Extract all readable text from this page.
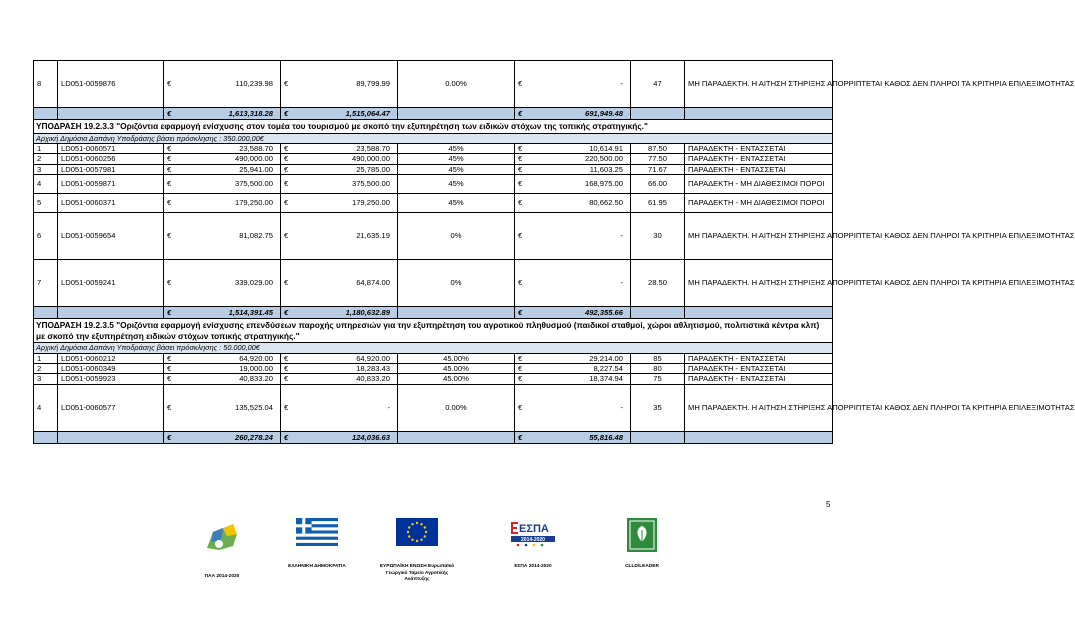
8	LD051-0059876	€ 110,239.98	€ 89,799.99	0.00%	€ -	47	ΜΗ ΠΑΡΑΔΕΚΤΗ. Η ΑΙΤΗΣΗ ΣΤΗΡΙΞΗΣ ΑΠΟΡΡΙΠΤΕΤΑΙ ΚΑΘΟΣ ΔΕΝ ΠΛΗΡΟΙ ΤΑ ΚΡΙΤΗΡΙΑ ΕΠΙΛΕΞΙΜΟΤΗΤΑΣ
		€ 1,613,318.28	€ 1,515,064.47		€ 691,949.48		

ΥΠΟΔΡΑΣΗ 19.2.3.3 "Οριζόντια εφαρμογή ενίσχυσης στον τομέα του τουρισμού με σκοπό την εξυπηρέτηση των ειδικών στόχων της τοπικής στρατηγικής."							
Αρχική Δημόσια Δαπάνη Υποδράσης βάσει πρόσκλησης : 350.000,00€							
1	LD051-0060571	€ 23,588.70	€ 23,588.70	45%	€ 10,614.91	87.50	ΠΑΡΑΔΕΚΤΗ - ΕΝΤΑΣΣΕΤΑΙ
2	LD051-0060256	€ 490,000.00	€ 490,000.00	45%	€ 220,500.00	77.50	ΠΑΡΑΔΕΚΤΗ - ΕΝΤΑΣΣΕΤΑΙ
3	LD051-0057981	€ 25,941.00	€ 25,785.00	45%	€ 11,603.25	71.67	ΠΑΡΑΔΕΚΤΗ - ΕΝΤΑΣΣΕΤΑΙ
4	LD051-0059871	€ 375,500.00	€ 375,500.00	45%	€ 168,975.00	66.00	ΠΑΡΑΔΕΚΤΗ - ΜΗ ΔΙΑΘΕΣΙΜΟΙ ΠΟΡΟΙ
5	LD051-0060371	€ 179,250.00	€ 179,250.00	45%	€ 80,662.50	61.95	ΠΑΡΑΔΕΚΤΗ - ΜΗ ΔΙΑΘΕΣΙΜΟΙ ΠΟΡΟΙ
6	LD051-0059654	€ 81,082.75	€ 21,635.19	0%	€ -	30	ΜΗ ΠΑΡΑΔΕΚΤΗ. Η ΑΙΤΗΣΗ ΣΤΗΡΙΞΗΣ ΑΠΟΡΡΙΠΤΕΤΑΙ ΚΑΘΟΣ ΔΕΝ ΠΛΗΡΟΙ ΤΑ ΚΡΙΤΗΡΙΑ ΕΠΙΛΕΞΙΜΟΤΗΤΑΣ
7	LD051-0059241	€ 339,029.00	€ 64,874.00	0%	€ -	28.50	ΜΗ ΠΑΡΑΔΕΚΤΗ. Η ΑΙΤΗΣΗ ΣΤΗΡΙΞΗΣ ΑΠΟΡΡΙΠΤΕΤΑΙ ΚΑΘΟΣ ΔΕΝ ΠΛΗΡΟΙ ΤΑ ΚΡΙΤΗΡΙΑ ΕΠΙΛΕΞΙΜΟΤΗΤΑΣ
		€ 1,514,391.45	€ 1,180,632.89		€ 492,355.66		

ΥΠΟΔΡΑΣΗ 19.2.3.5 "Οριζόντια εφαρμογή ενίσχυσης επενδύσεων παροχής υπηρεσιών για την εξυπηρέτηση του αγροτικού πληθυσμού (παιδικοί σταθμοί, χώροι αθλητισμού, πολιτιστικά κέντρα κλπ) με σκοπό την εξυπηρέτηση ειδικών στόχων τοπικής στρατηγικής."							
Αρχική Δημόσια Δαπάνη Υποδράσης βάσει πρόσκλησης : 50.000,00€							
1	LD051-0060212	€ 64,920.00	€ 64,920.00	45.00%	€ 29,214.00	85	ΠΑΡΑΔΕΚΤΗ - ΕΝΤΑΣΣΕΤΑΙ
2	LD051-0060349	€ 19,000.00	€ 18,283.43	45.00%	€ 8,227.54	80	ΠΑΡΑΔΕΚΤΗ - ΕΝΤΑΣΣΕΤΑΙ
3	LD051-0059923	€ 40,833.20	€ 40,833.20	45.00%	€ 18,374.94	75	ΠΑΡΑΔΕΚΤΗ - ΕΝΤΑΣΣΕΤΑΙ
4	LD051-0060577	€ 135,525.04	€ -	0.00%	€ -	35	ΜΗ ΠΑΡΑΔΕΚΤΗ. Η ΑΙΤΗΣΗ ΣΤΗΡΙΞΗΣ ΑΠΟΡΡΙΠΤΕΤΑΙ ΚΑΘΟΣ ΔΕΝ ΠΛΗΡΟΙ ΤΑ ΚΡΙΤΗΡΙΑ ΕΠΙΛΕΞΙΜΟΤΗΤΑΣ
		€ 260,278.24	€ 124,036.63		€ 55,816.48		

5
ΠΑΑ 2014-2020
ΕΛΛΗΝΙΚΗ ΔΗΜΟΚΡΑΤΙΑ	ΕΥΡΩΠΑΪΚΗ ΕΝΩΣΗ Ευρωπαϊκό Γεωργικό Ταμείο Αγροτικής Ανάπτυξης
ΕΣΠΑ
2014-2020
ΕΣΠΑ 2014-2020	CLLD/LEADER
